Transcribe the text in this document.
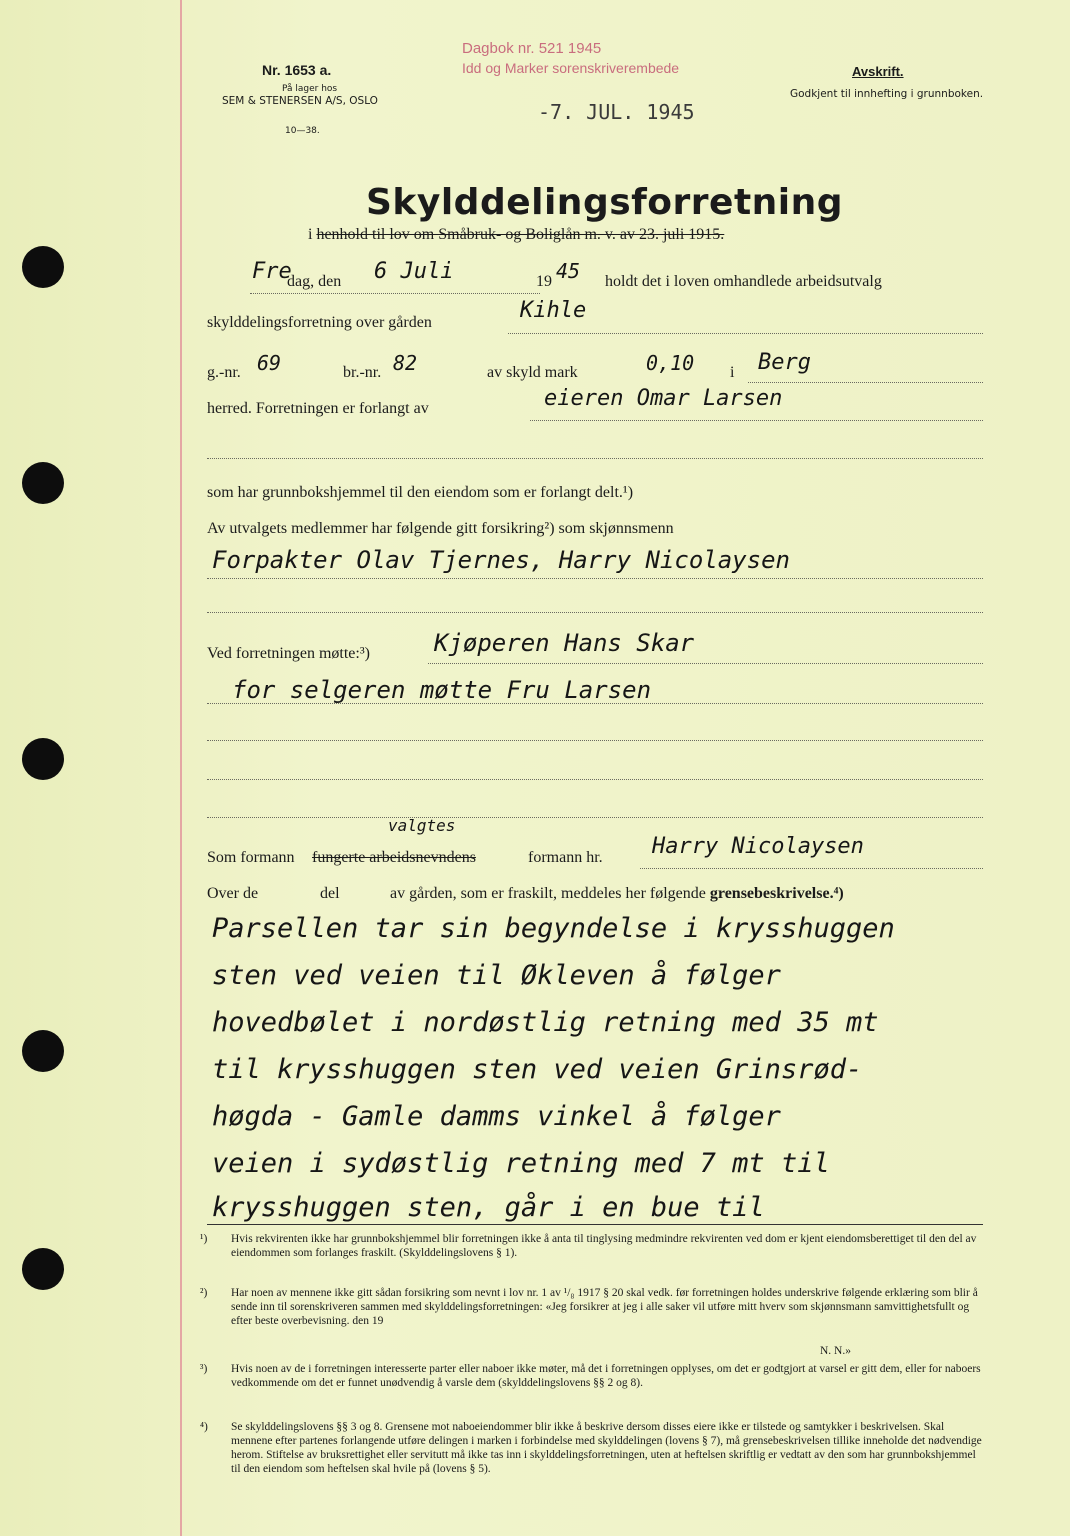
Nr. 1653 a.
På lager hos
SEM & STENERSEN A/S, OSLO
10—38.
Dagbok nr. 521 1945
Idd og Marker sorenskriverembede
-7. JUL. 1945
Avskrift.
Godkjent til innhefting i grunnboken.
Skylddelingsforretning
i henhold til lov om Småbruk- og Boliglån m. v. av 23. juli 1915.
Fre
dag, den 6 Juli	19 45 holdt det i loven omhandlede arbeidsutvalg
skylddelingsforretning over gården	Kihle
g.-nr. 69	br.-nr. 82	av skyld mark	0,10 i Berg
herred. Forretningen er forlangt av	eieren Omar Larsen
som har grunnbokshjemmel til den eiendom som er forlangt delt.¹)
Av utvalgets medlemmer har følgende gitt forsikring²) som skjønnsmenn
Forpakter Olav Tjernes, Harry Nicolaysen
Ved forretningen møtte:³)	Kjøperen Hans Skar
for selgeren møtte Fru Larsen
valgtes
Som formann fungerte arbeidsnevndens	formann hr. Harry Nicolaysen
Over de	del	av gården, som er fraskilt, meddeles her følgende grensebeskrivelse.⁴)
Parsellen tar sin begyndelse i krysshuggen
sten ved veien til Økleven å følger
hovedbølet i nordøstlig retning med 35 mt
til krysshuggen sten ved veien Grinsrød-
høgda - Gamle damms vinkel å følger
veien i sydøstlig retning med 7 mt til
krysshuggen sten, går i en bue til
¹) Hvis rekvirenten ikke har grunnbokshjemmel blir forretningen ikke å anta til tinglysing medmindre rekvirenten ved dom er kjent eiendomsberettiget til den del av eiendommen som forlanges fraskilt. (Skylddelingslovens § 1).

²) Har noen av mennene ikke gitt sådan forsikring som nevnt i lov nr. 1 av ¹/₈ 1917 § 20 skal vedk. før forretningen holdes underskrive følgende erklæring som blir å sende inn til sorenskriveren sammen med skylddelingsforretningen: «Jeg forsikrer at jeg i alle saker vil utføre mitt hverv som skjønnsmann samvittighetsfullt og efter beste overbevisning. den 19

N. N.»

³) Hvis noen av de i forretningen interesserte parter eller naboer ikke møter, må det i forretningen opplyses, om det er godtgjort at varsel er gitt dem, eller for naboers vedkommende om det er funnet unødvendig å varsle dem (skylddelingslovens §§ 2 og 8).

⁴) Se skylddelingslovens §§ 3 og 8. Grensene mot naboeiendommer blir ikke å beskrive dersom disses eiere ikke er tilstede og samtykker i beskrivelsen. Skal mennene efter partenes forlangende utføre delingen i marken i forbindelse med skylddelingen (lovens § 7), må grensebeskrivelsen tillike inneholde det nødvendige herom. Stiftelse av bruksrettighet eller servitutt må ikke tas inn i skylddelingsforretningen, uten at heftelsen skriftlig er vedtatt av den som har grunnbokshjemmel til den eiendom som heftelsen skal hvile på (lovens § 5).
